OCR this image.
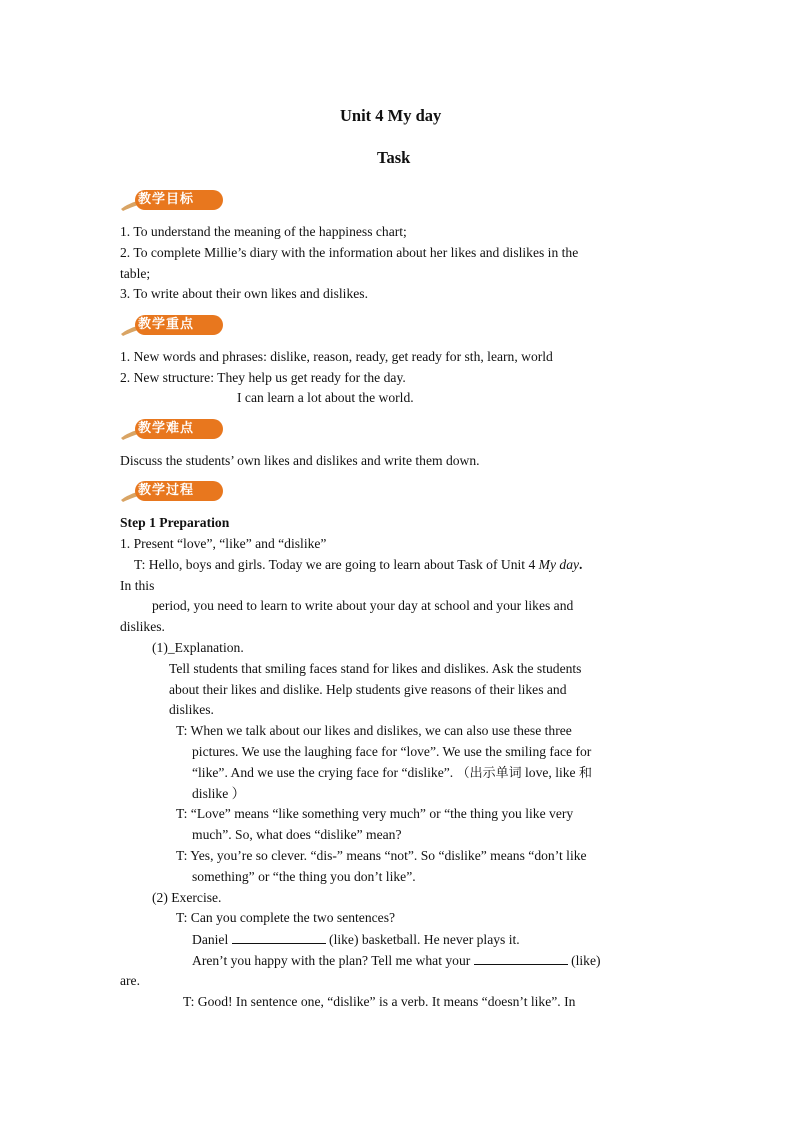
Unit 4 My day
Task
教学目标
1. To understand the meaning of the happiness chart;
2. To complete Millie’s diary with the information about her likes and dislikes in the
table;
3. To write about their own likes and dislikes.
教学重点
1. New words and phrases: dislike, reason, ready, get ready for sth, learn, world
2. New structure: They help us get ready for the day.
I can learn a lot about the world.
教学难点
Discuss the students’ own likes and dislikes and write them down.
教学过程
Step 1 Preparation
1. Present “love”, “like” and “dislike”
T: Hello, boys and girls. Today we are going to learn about Task of Unit 4 My day.
In this
period, you need to learn to write about your day at school and your likes and
dislikes.
(1)_Explanation.
Tell students that smiling faces stand for likes and dislikes. Ask the students
about their likes and dislike. Help students give reasons of their likes and
dislikes.
T: When we talk about our likes and dislikes, we can also use these three
pictures. We use the laughing face for “love”. We use the smiling face for
“like”. And we use the crying face for “dislike”. （出示单词 love, like 和
dislike ）
T: “Love” means “like something very much” or “the thing you like very
much”. So, what does “dislike” mean?
T: Yes, you’re so clever. “dis-” means “not”. So “dislike” means “don’t like
something” or “the thing you don’t like”.
(2) Exercise.
T: Can you complete the two sentences?
Daniel	(like) basketball. He never plays it.
Aren’t you happy with the plan? Tell me what your	(like)
are.
T: Good! In sentence one, “dislike” is a verb. It means “doesn’t like”. In
